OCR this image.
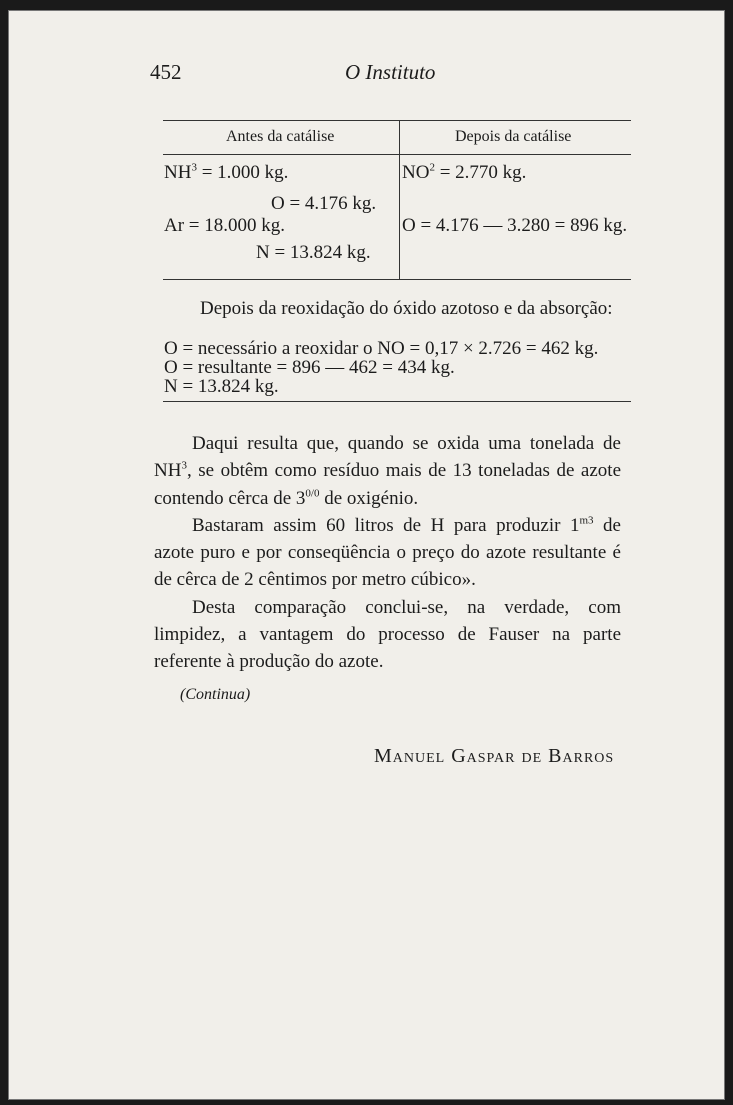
452	O Instituto
Antes da catálise	Depois da catálise
$NH^3 = 1.000$ kg.
O = 4.176 kg.
Ar = 18.000 kg.
N = 13.824 kg.
$NO^2 = 2.770$ kg.
O = 4.176 — 3.280 = 896 kg.
Depois da reoxidação do óxido azotoso e da absorção:
O = necessário a reoxidar o NO = 0,17 × 2.726 = 462 kg.
O = resultante = 896 — 462 = 434 kg.
N = 13.824 kg.

Daqui resulta que, quando se oxida uma tonelada de $NH^3$, se obtêm como resíduo mais de 13 toneladas de azote contendo cêrca de $3^{0/0}$ de oxigénio.

Bastaram assim 60 litros de H para produzir $1^{m3}$ de azote puro e por conseqüência o preço do azote resultante é de cêrca de 2 cêntimos por metro cúbico».

Desta comparação conclui-se, na verdade, com limpidez, a vantagem do processo de Fauser na parte referente à produção do azote.

(Continua)
Manuel Gaspar de Barros
